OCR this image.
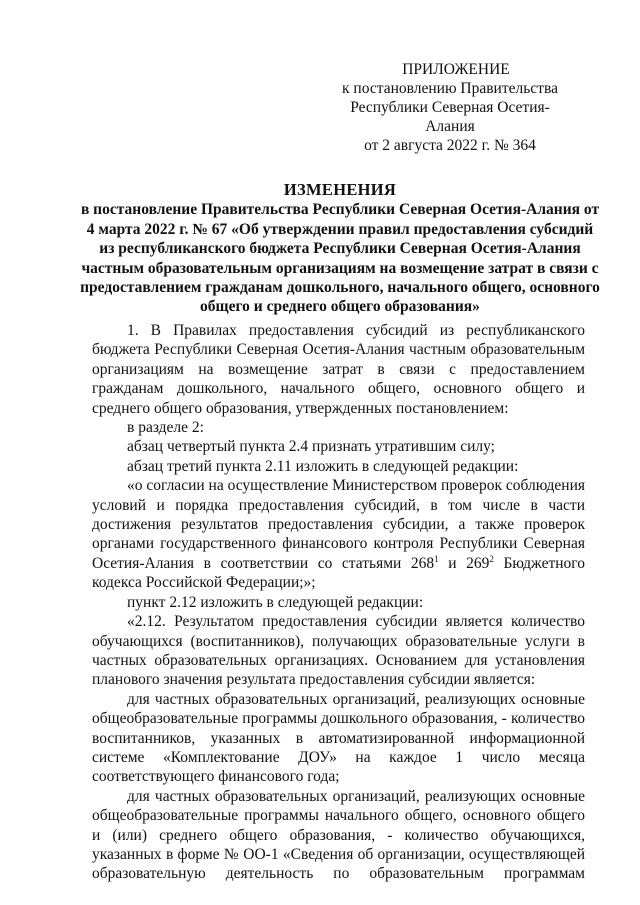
ПРИЛОЖЕНИЕ
к постановлению Правительства
Республики Северная Осетия-Алания
от 2 августа 2022 г. № 364
ИЗМЕНЕНИЯ
в постановление Правительства Республики Северная Осетия-Алания от 4 марта 2022 г. № 67 «Об утверждении правил предоставления субсидий из республиканского бюджета Республики Северная Осетия-Алания частным образовательным организациям на возмещение затрат в связи с предоставлением гражданам дошкольного, начального общего, основного общего и среднего общего образования»

1. В Правилах предоставления субсидий из республиканского бюджета Республики Северная Осетия-Алания частным образовательным организациям на возмещение затрат в связи с предоставлением гражданам дошкольного, начального общего, основного общего и среднего общего образования, утвержденных постановлением:

в разделе 2:

абзац четвертый пункта 2.4 признать утратившим силу;

абзац третий пункта 2.11 изложить в следующей редакции:

«о согласии на осуществление Министерством проверок соблюдения условий и порядка предоставления субсидий, в том числе в части достижения результатов предоставления субсидии, а также проверок органами государственного финансового контроля Республики Северная Осетия-Алания в соответствии со статьями $268^1$ и $269^2$ Бюджетного кодекса Российской Федерации;»;

пункт 2.12 изложить в следующей редакции:

«2.12. Результатом предоставления субсидии является количество обучающихся (воспитанников), получающих образовательные услуги в частных образовательных организациях. Основанием для установления планового значения результата предоставления субсидии является:

для частных образовательных организаций, реализующих основные общеобразовательные программы дошкольного образования, - количество воспитанников, указанных в автоматизированной информационной системе «Комплектование ДОУ» на каждое 1 число месяца соответствующего финансового года;

для частных образовательных организаций, реализующих основные общеобразовательные программы начального общего, основного общего и (или) среднего общего образования, - количество обучающихся, указанных в форме № ОО-1 «Сведения об организации, осуществляющей образовательную деятельность по образовательным программам
